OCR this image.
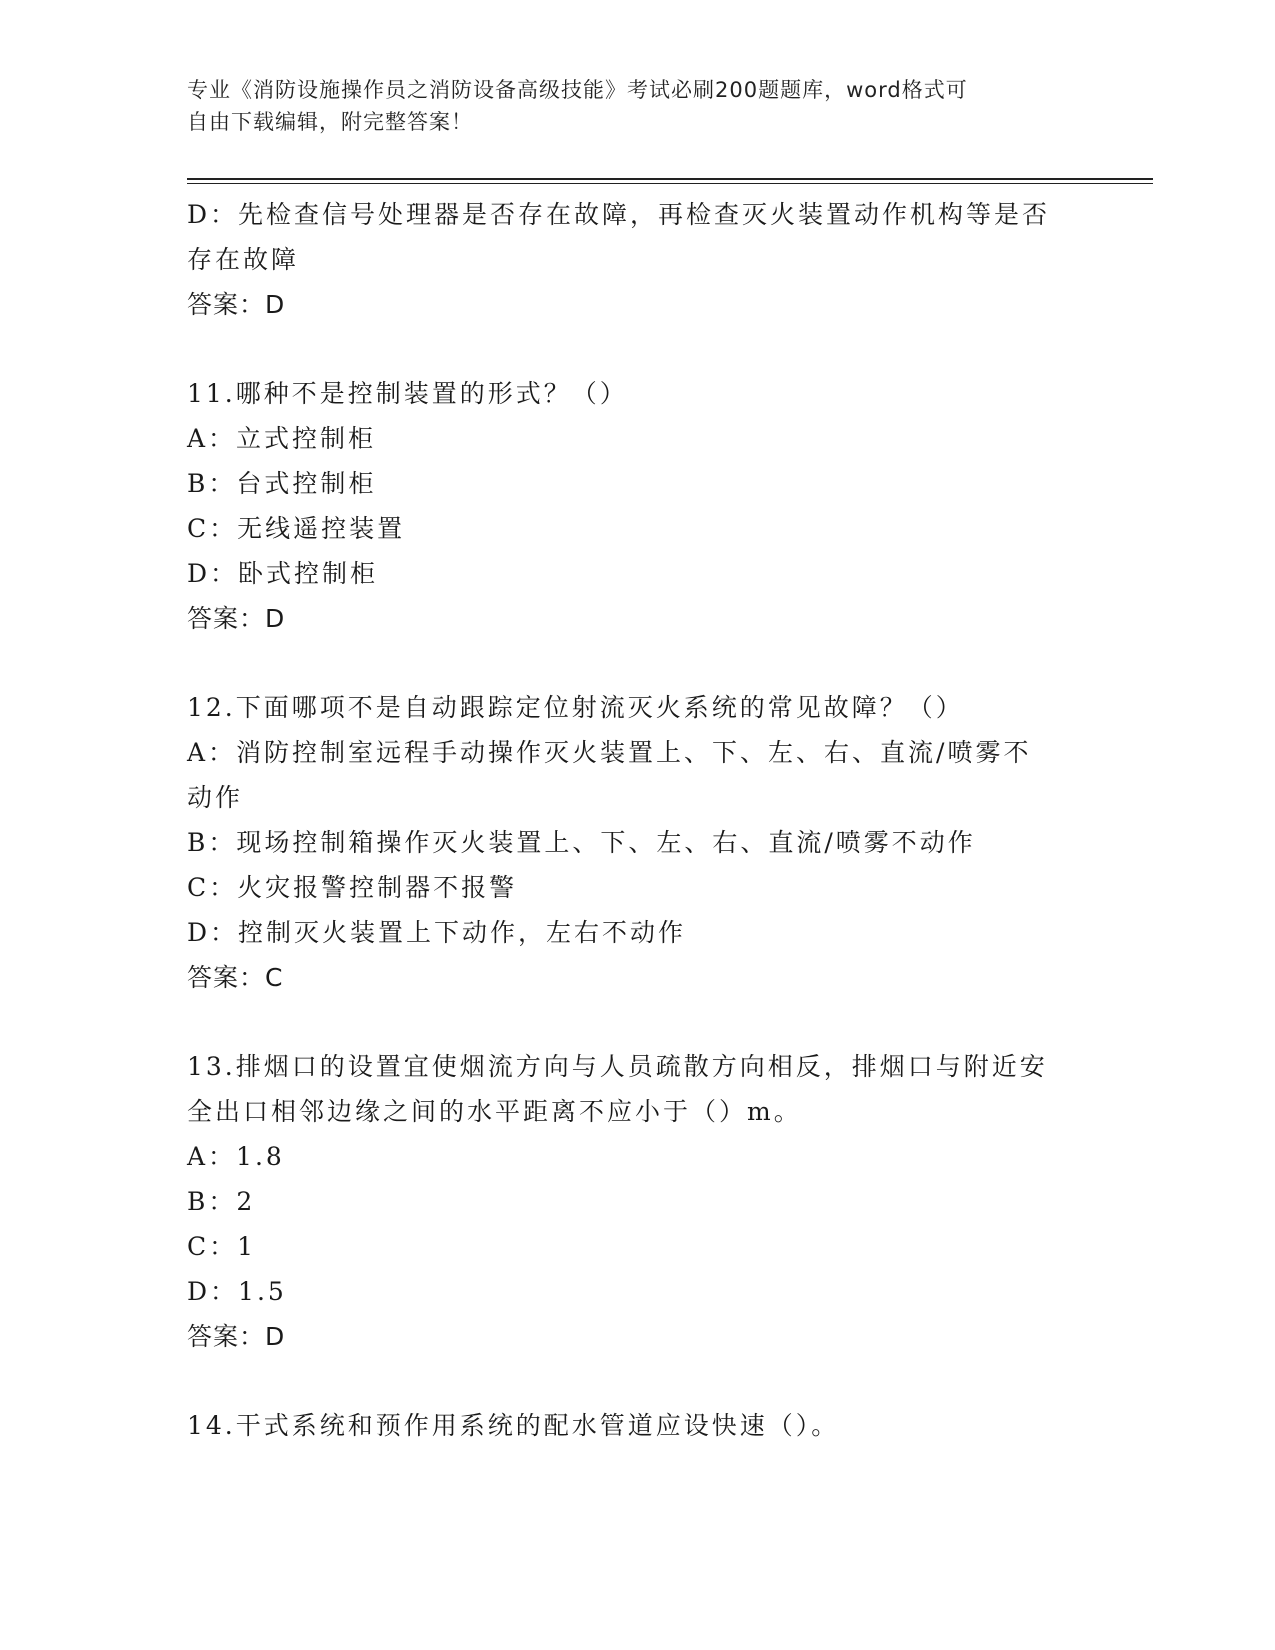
专业《消防设施操作员之消防设备高级技能》考试必刷200题题库，word格式可
自由下载编辑，附完整答案！
D：先检查信号处理器是否存在故障，再检查灭火装置动作机构等是否
存在故障
答案：D
11.哪种不是控制装置的形式？（）
A：立式控制柜
B：台式控制柜
C：无线遥控装置
D：卧式控制柜
答案：D
12.下面哪项不是自动跟踪定位射流灭火系统的常见故障？（）
A：消防控制室远程手动操作灭火装置上、下、左、右、直流/喷雾不
动作
B：现场控制箱操作灭火装置上、下、左、右、直流/喷雾不动作
C：火灾报警控制器不报警
D：控制灭火装置上下动作，左右不动作
答案：C
13.排烟口的设置宜使烟流方向与人员疏散方向相反，排烟口与附近安
全出口相邻边缘之间的水平距离不应小于（）m。
A：1.8
B：2
C：1
D：1.5
答案：D
14.干式系统和预作用系统的配水管道应设快速（）。
